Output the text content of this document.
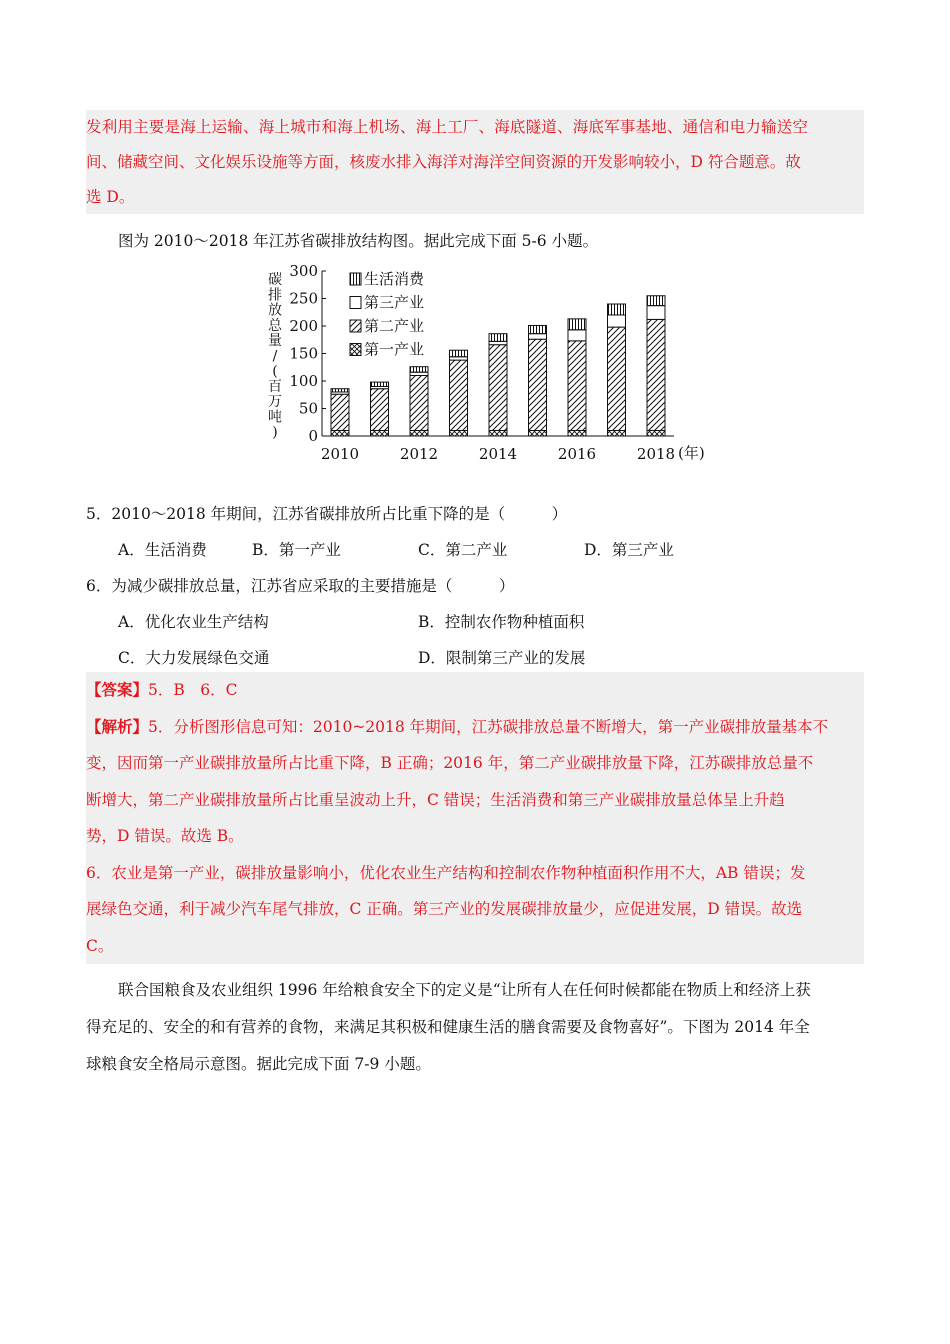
发利用主要是海上运输、海上城市和海上机场、海上工厂、海底隧道、海底军事基地、通信和电力输送空
间、储藏空间、文化娱乐设施等方面，核废水排入海洋对海洋空间资源的开发影响较小，D 符合题意。故
选 D。
图为 2010～2018 年江苏省碳排放结构图。据此完成下面 5-6 小题。
0
50
100
150
200
250
300
碳
排
放
总
量
/
(
百
万
吨
)
2010	2012	2014	2016	2018 (年)
生活消费
第三产业
第二产业
第一产业
5．2010～2018 年期间，江苏省碳排放所占比重下降的是（　　　）
A．生活消费	B．第一产业	C．第二产业	D．第三产业
6．为减少碳排放总量，江苏省应采取的主要措施是（　　　）
A．优化农业生产结构	B．控制农作物种植面积
C．大力发展绿色交通	D．限制第三产业的发展
【答案】5．B　6．C
【解析】5．分析图形信息可知：2010~2018 年期间，江苏碳排放总量不断增大，第一产业碳排放量基本不
变，因而第一产业碳排放量所占比重下降，B 正确；2016 年，第二产业碳排放量下降，江苏碳排放总量不
断增大，第二产业碳排放量所占比重呈波动上升，C 错误；生活消费和第三产业碳排放量总体呈上升趋
势，D 错误。故选 B。
6．农业是第一产业，碳排放量影响小，优化农业生产结构和控制农作物种植面积作用不大，AB 错误；发
展绿色交通，利于减少汽车尾气排放，C 正确。第三产业的发展碳排放量少，应促进发展，D 错误。故选
C。
联合国粮食及农业组织 1996 年给粮食安全下的定义是“让所有人在任何时候都能在物质上和经济上获
得充足的、安全的和有营养的食物，来满足其积极和健康生活的膳食需要及食物喜好”。下图为 2014 年全
球粮食安全格局示意图。据此完成下面 7-9 小题。
